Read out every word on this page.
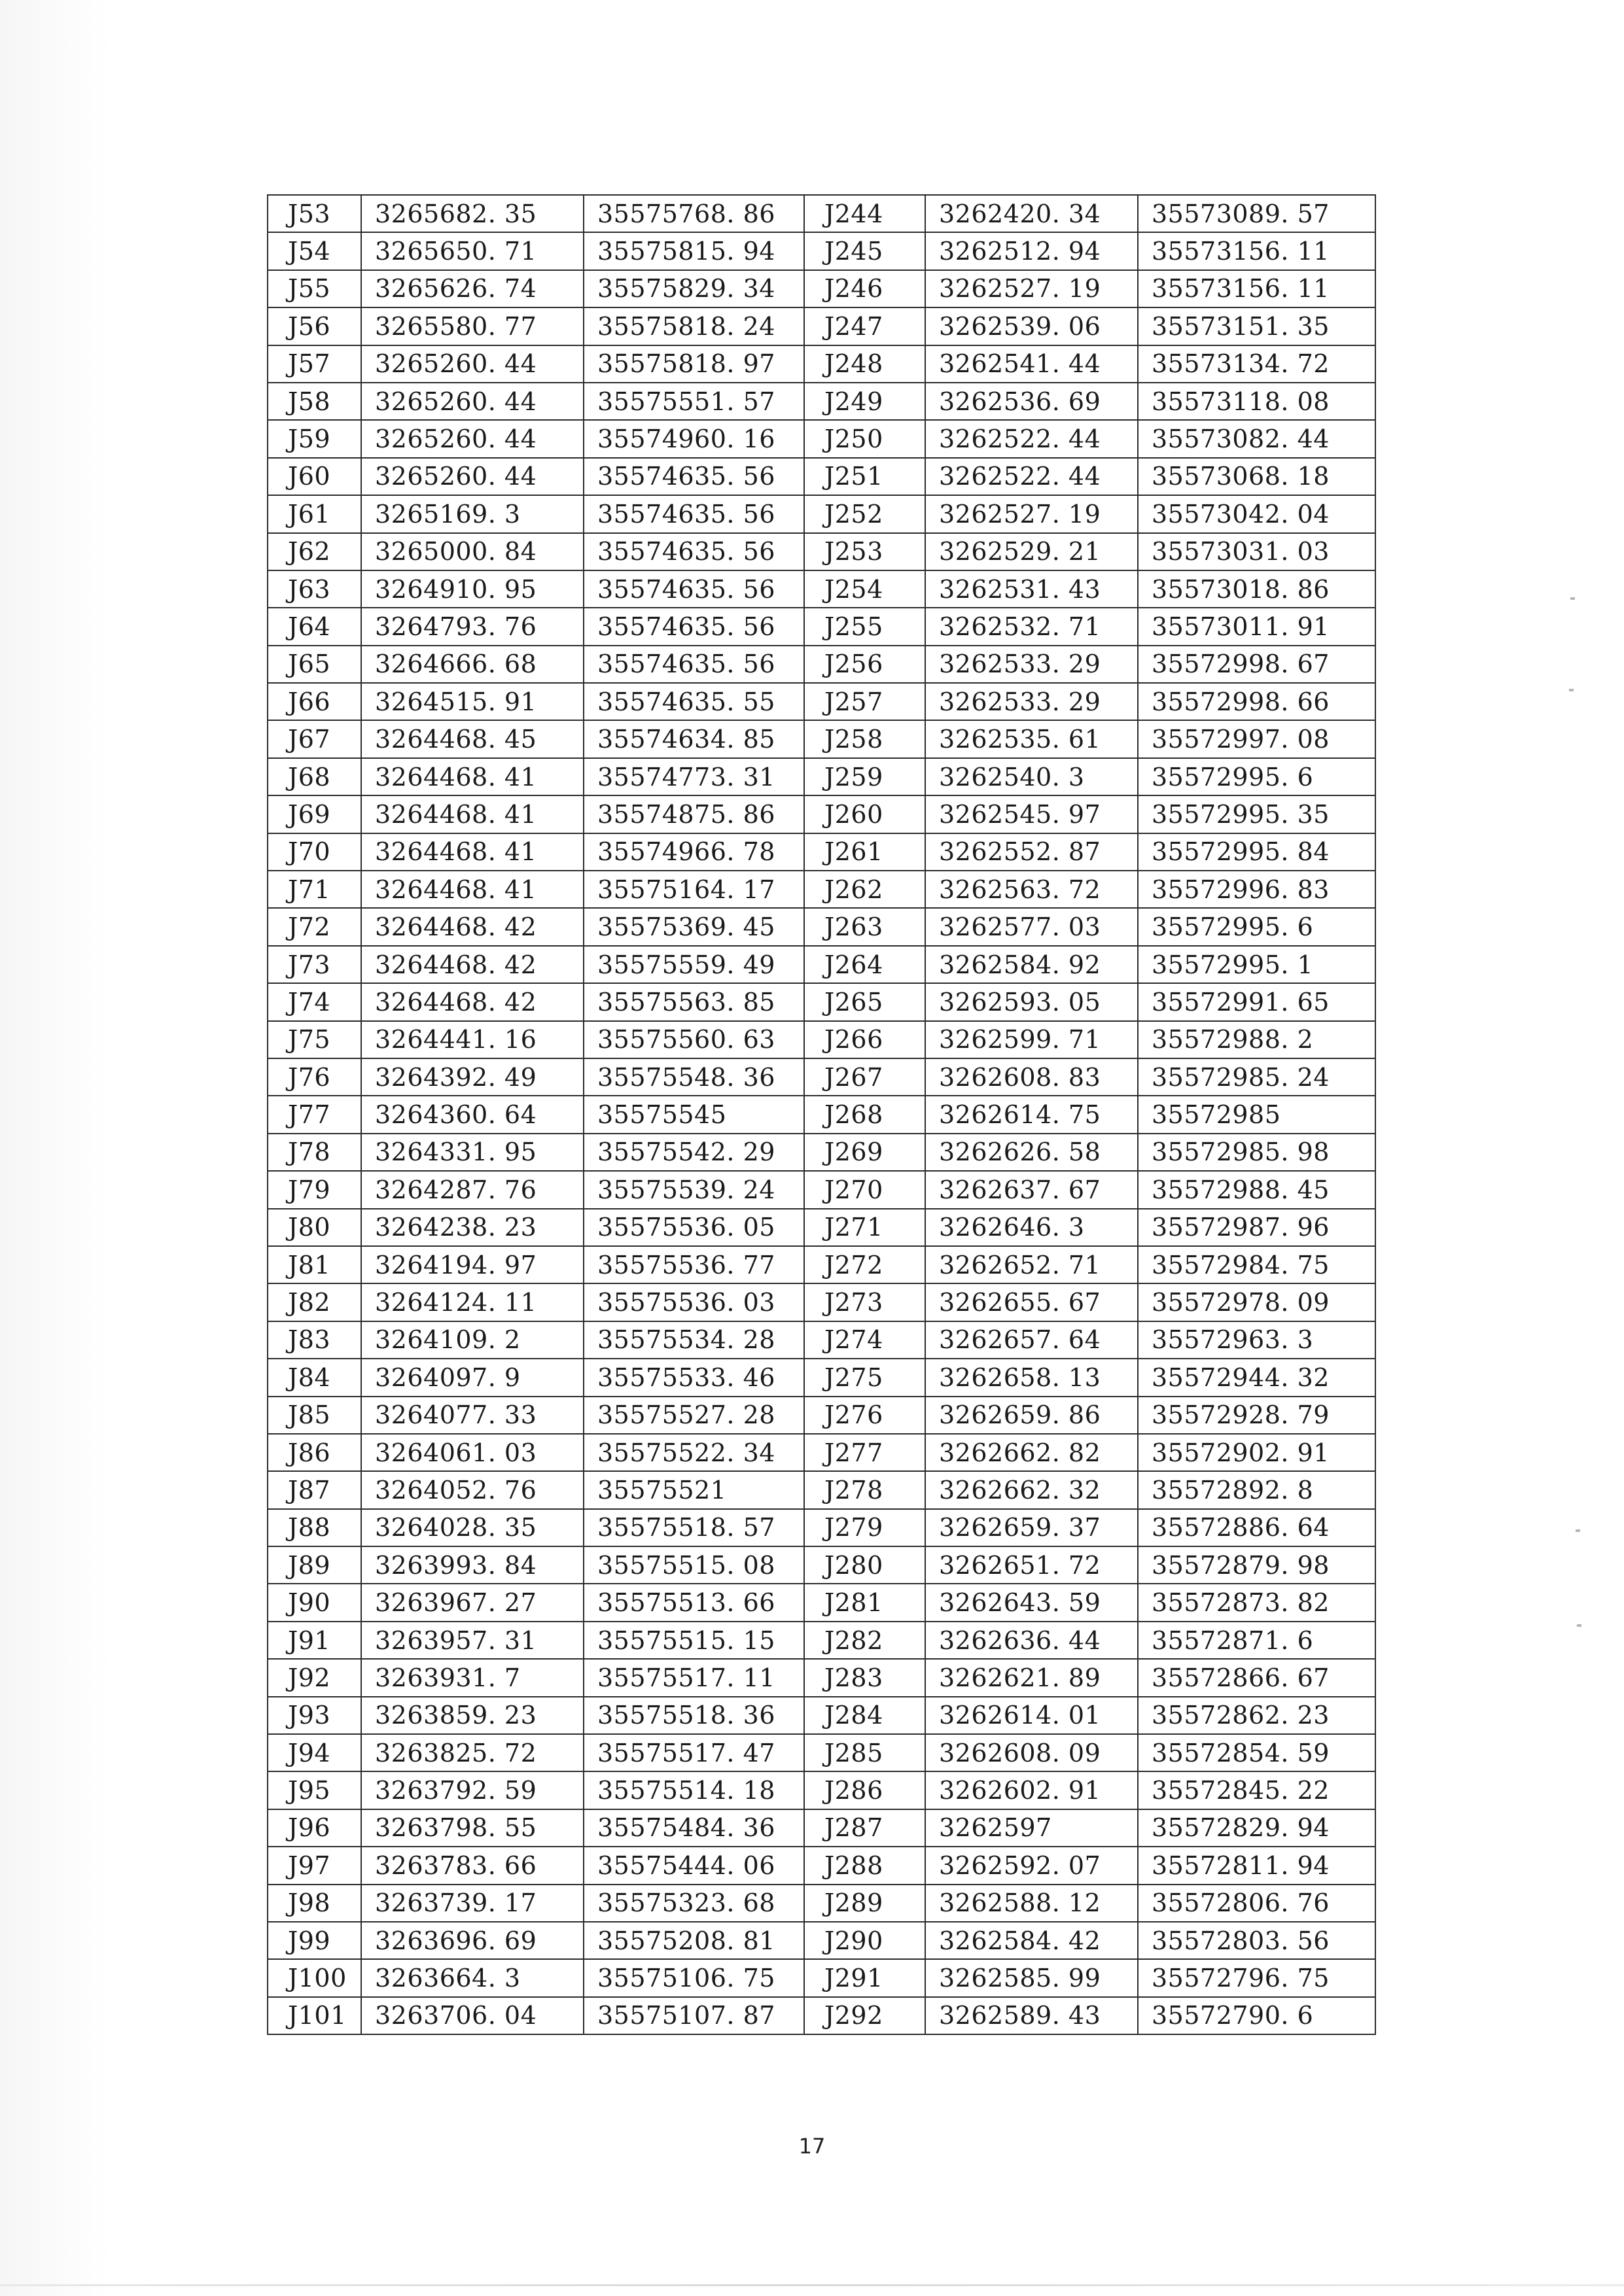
J53	3265682. 35	35575768. 86	J244	3262420. 34	35573089. 57
J54	3265650. 71	35575815. 94	J245	3262512. 94	35573156. 11
J55	3265626. 74	35575829. 34	J246	3262527. 19	35573156. 11
J56	3265580. 77	35575818. 24	J247	3262539. 06	35573151. 35
J57	3265260. 44	35575818. 97	J248	3262541. 44	35573134. 72
J58	3265260. 44	35575551. 57	J249	3262536. 69	35573118. 08
J59	3265260. 44	35574960. 16	J250	3262522. 44	35573082. 44
J60	3265260. 44	35574635. 56	J251	3262522. 44	35573068. 18
J61	3265169. 3	35574635. 56	J252	3262527. 19	35573042. 04
J62	3265000. 84	35574635. 56	J253	3262529. 21	35573031. 03
J63	3264910. 95	35574635. 56	J254	3262531. 43	35573018. 86
J64	3264793. 76	35574635. 56	J255	3262532. 71	35573011. 91
J65	3264666. 68	35574635. 56	J256	3262533. 29	35572998. 67
J66	3264515. 91	35574635. 55	J257	3262533. 29	35572998. 66
J67	3264468. 45	35574634. 85	J258	3262535. 61	35572997. 08
J68	3264468. 41	35574773. 31	J259	3262540. 3	35572995. 6
J69	3264468. 41	35574875. 86	J260	3262545. 97	35572995. 35
J70	3264468. 41	35574966. 78	J261	3262552. 87	35572995. 84
J71	3264468. 41	35575164. 17	J262	3262563. 72	35572996. 83
J72	3264468. 42	35575369. 45	J263	3262577. 03	35572995. 6
J73	3264468. 42	35575559. 49	J264	3262584. 92	35572995. 1
J74	3264468. 42	35575563. 85	J265	3262593. 05	35572991. 65
J75	3264441. 16	35575560. 63	J266	3262599. 71	35572988. 2
J76	3264392. 49	35575548. 36	J267	3262608. 83	35572985. 24
J77	3264360. 64	35575545	J268	3262614. 75	35572985
J78	3264331. 95	35575542. 29	J269	3262626. 58	35572985. 98
J79	3264287. 76	35575539. 24	J270	3262637. 67	35572988. 45
J80	3264238. 23	35575536. 05	J271	3262646. 3	35572987. 96
J81	3264194. 97	35575536. 77	J272	3262652. 71	35572984. 75
J82	3264124. 11	35575536. 03	J273	3262655. 67	35572978. 09
J83	3264109. 2	35575534. 28	J274	3262657. 64	35572963. 3
J84	3264097. 9	35575533. 46	J275	3262658. 13	35572944. 32
J85	3264077. 33	35575527. 28	J276	3262659. 86	35572928. 79
J86	3264061. 03	35575522. 34	J277	3262662. 82	35572902. 91
J87	3264052. 76	35575521	J278	3262662. 32	35572892. 8
J88	3264028. 35	35575518. 57	J279	3262659. 37	35572886. 64
J89	3263993. 84	35575515. 08	J280	3262651. 72	35572879. 98
J90	3263967. 27	35575513. 66	J281	3262643. 59	35572873. 82
J91	3263957. 31	35575515. 15	J282	3262636. 44	35572871. 6
J92	3263931. 7	35575517. 11	J283	3262621. 89	35572866. 67
J93	3263859. 23	35575518. 36	J284	3262614. 01	35572862. 23
J94	3263825. 72	35575517. 47	J285	3262608. 09	35572854. 59
J95	3263792. 59	35575514. 18	J286	3262602. 91	35572845. 22
J96	3263798. 55	35575484. 36	J287	3262597	35572829. 94
J97	3263783. 66	35575444. 06	J288	3262592. 07	35572811. 94
J98	3263739. 17	35575323. 68	J289	3262588. 12	35572806. 76
J99	3263696. 69	35575208. 81	J290	3262584. 42	35572803. 56
J100	3263664. 3	35575106. 75	J291	3262585. 99	35572796. 75
J101	3263706. 04	35575107. 87	J292	3262589. 43	35572790. 6
17
